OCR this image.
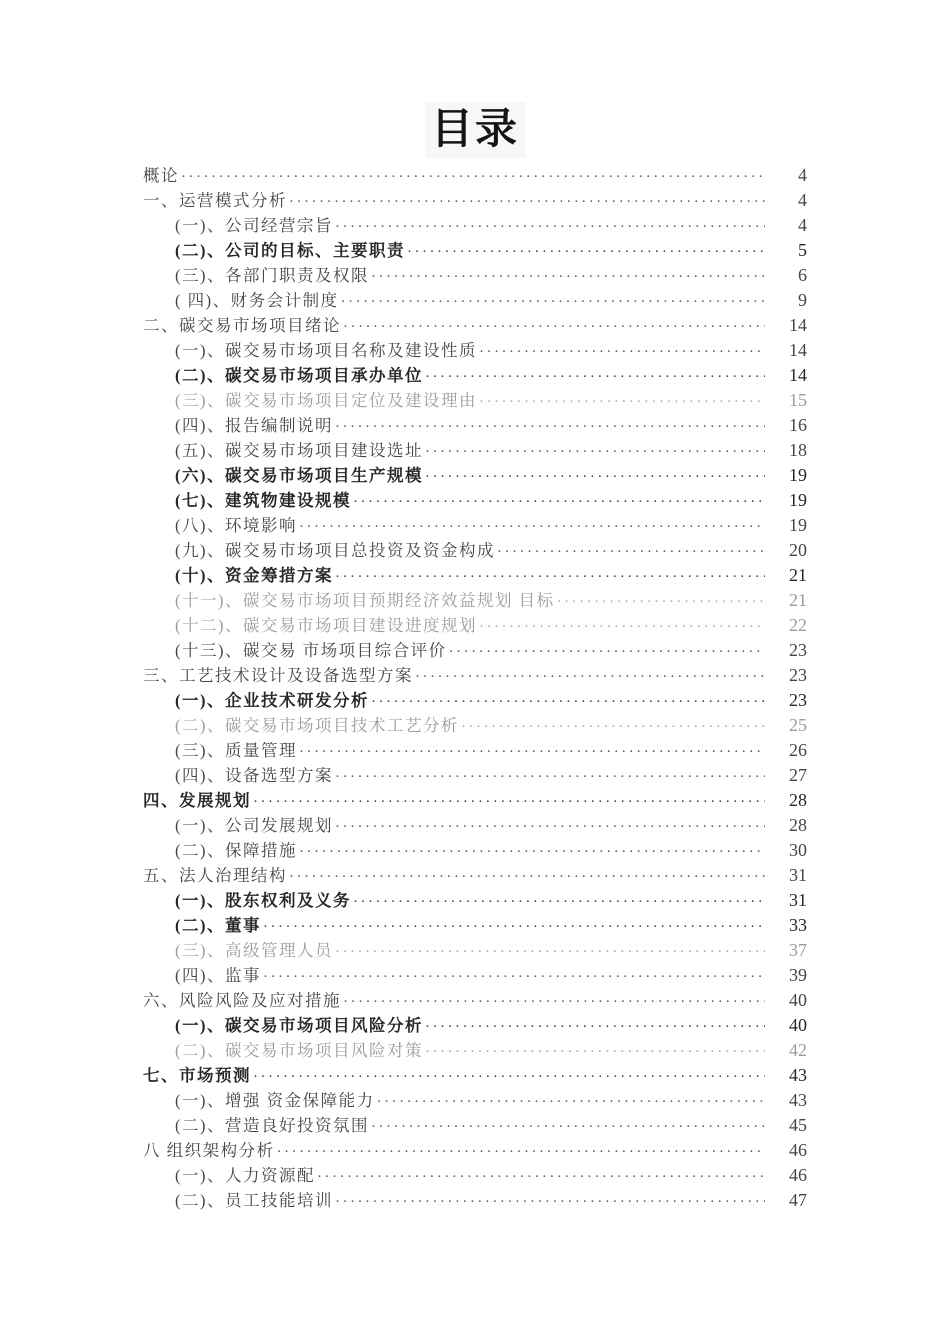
目录
概论 ·····	4
一、运营模式分析 ·····	4
(一)、公司经营宗旨 ·····	4
(二)、公司的目标、主要职责 ·····	5
(三)、各部门职责及权限 ·····	6
( 四)、财务会计制度 ·····	9
二、碳交易市场项目绪论 ·····	14
(一)、碳交易市场项目名称及建设性质 ·····	14
(二)、碳交易市场项目承办单位 ·····	14
(三)、碳交易市场项目定位及建设理由 ·····	15
(四)、报告编制说明 ·····	16
(五)、碳交易市场项目建设选址 ·····	18
(六)、碳交易市场项目生产规模 ·····	19
(七)、建筑物建设规模 ·····	19
(八)、环境影响 ·····	19
(九)、碳交易市场项目总投资及资金构成 ·····	20
(十)、资金筹措方案 ·····	21
(十一)、碳交易市场项目预期经济效益规划 目标 ·····	21
(十二)、碳交易市场项目建设进度规划 ·····	22
(十三)、碳交易 市场项目综合评价 ·····	23
三、工艺技术设计及设备选型方案 ·····	23
(一)、企业技术研发分析 ·····	23
(二)、碳交易市场项目技术工艺分析 ·····	25
(三)、质量管理 ·····	26
(四)、设备选型方案 ·····	27
四、发展规划 ·····	28
(一)、公司发展规划 ·····	28
(二)、保障措施 ·····	30
五、法人治理结构 ·····	31
(一)、股东权利及义务 ·····	31
(二)、董事 ·····	33
(三)、高级管理人员 ·····	37
(四)、监事 ·····	39
六、风险风险及应对措施 ·····	40
(一)、碳交易市场项目风险分析 ·····	40
(二)、碳交易市场项目风险对策 ·····	42
七、市场预测 ·····	43
(一)、增强 资金保障能力 ·····	43
(二)、营造良好投资氛围 ·····	45
八 组织架构分析 ·····	46
(一)、人力资源配 ·····	46
(二)、员工技能培训 ·····	47
